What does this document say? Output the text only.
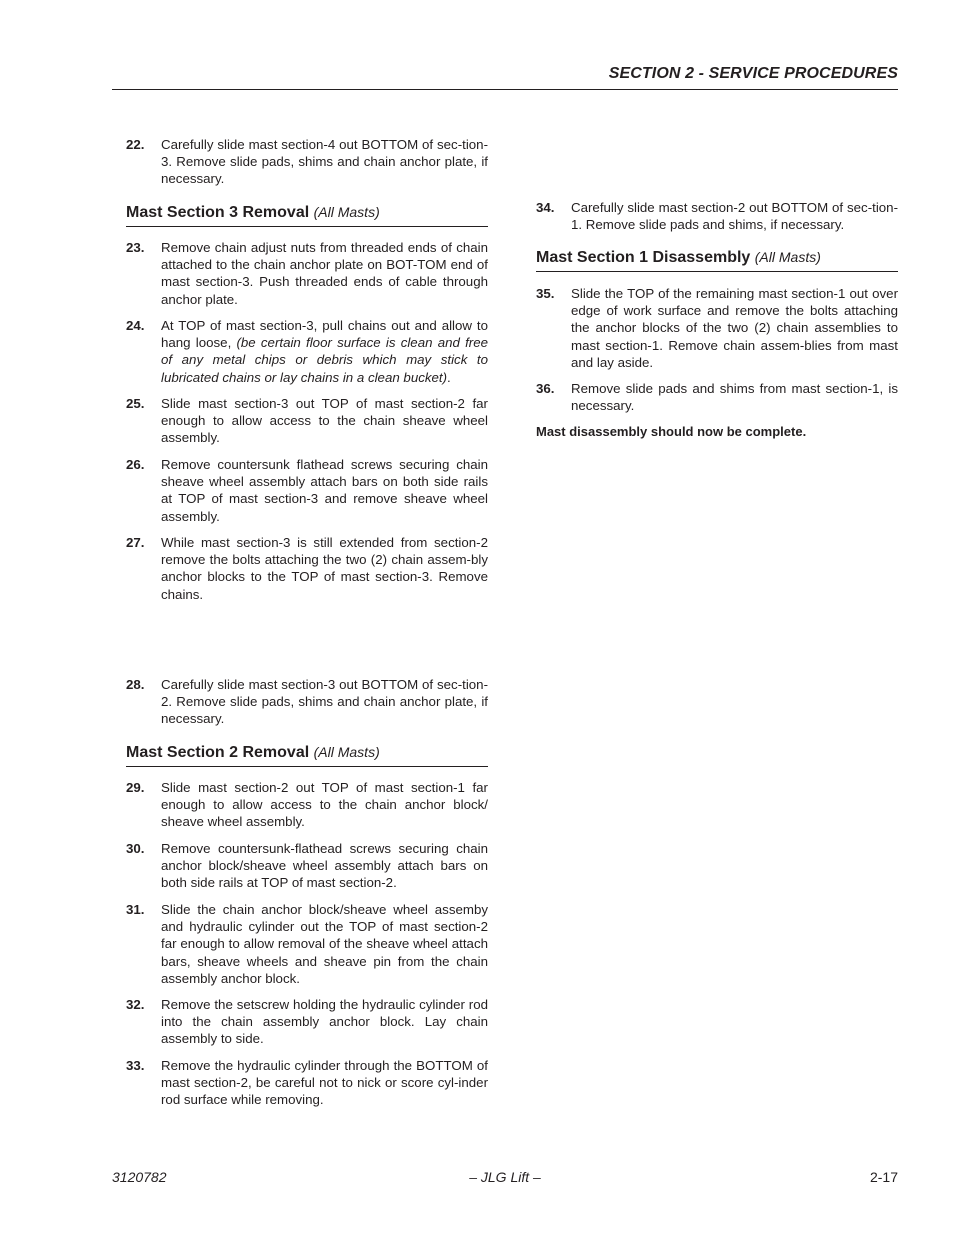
SECTION 2 - SERVICE PROCEDURES
22. Carefully slide mast section-4 out BOTTOM of sec-tion-3. Remove slide pads, shims and chain anchor plate, if necessary.
Mast Section 3 Removal (All Masts)
23. Remove chain adjust nuts from threaded ends of chain attached to the chain anchor plate on BOT-TOM end of mast section-3. Push threaded ends of cable through anchor plate.
24. At TOP of mast section-3, pull chains out and allow to hang loose, (be certain floor surface is clean and free of any metal chips or debris which may stick to lubricated chains or lay chains in a clean bucket).
25. Slide mast section-3 out TOP of mast section-2 far enough to allow access to the chain sheave wheel assembly.
26. Remove countersunk flathead screws securing chain sheave wheel assembly attach bars on both side rails at TOP of mast section-3 and remove sheave wheel assembly.
27. While mast section-3 is still extended from section-2 remove the bolts attaching the two (2) chain assem-bly anchor blocks to the TOP of mast section-3. Remove chains.
28. Carefully slide mast section-3 out BOTTOM of sec-tion-2. Remove slide pads, shims and chain anchor plate, if necessary.
Mast Section 2 Removal (All Masts)
29. Slide mast section-2 out TOP of mast section-1 far enough to allow access to the chain anchor block/ sheave wheel assembly.
30. Remove countersunk-flathead screws securing chain anchor block/sheave wheel assembly attach bars on both side rails at TOP of mast section-2.
31. Slide the chain anchor block/sheave wheel assemby and hydraulic cylinder out the TOP of mast section-2 far enough to allow removal of the sheave wheel attach bars, sheave wheels and sheave pin from the chain assembly anchor block.
32. Remove the setscrew holding the hydraulic cylinder rod into the chain assembly anchor block. Lay chain assembly to side.
33. Remove the hydraulic cylinder through the BOTTOM of mast section-2, be careful not to nick or score cyl-inder rod surface while removing.
34. Carefully slide mast section-2 out BOTTOM of sec-tion-1. Remove slide pads and shims, if necessary.
Mast Section 1 Disassembly (All Masts)
35. Slide the TOP of the remaining mast section-1 out over edge of work surface and remove the bolts attaching the anchor blocks of the two (2) chain assemblies to mast section-1. Remove chain assem-blies from mast and lay aside.
36. Remove slide pads and shims from mast section-1, is necessary.
Mast disassembly should now be complete.
3120782	– JLG Lift –	2-17
